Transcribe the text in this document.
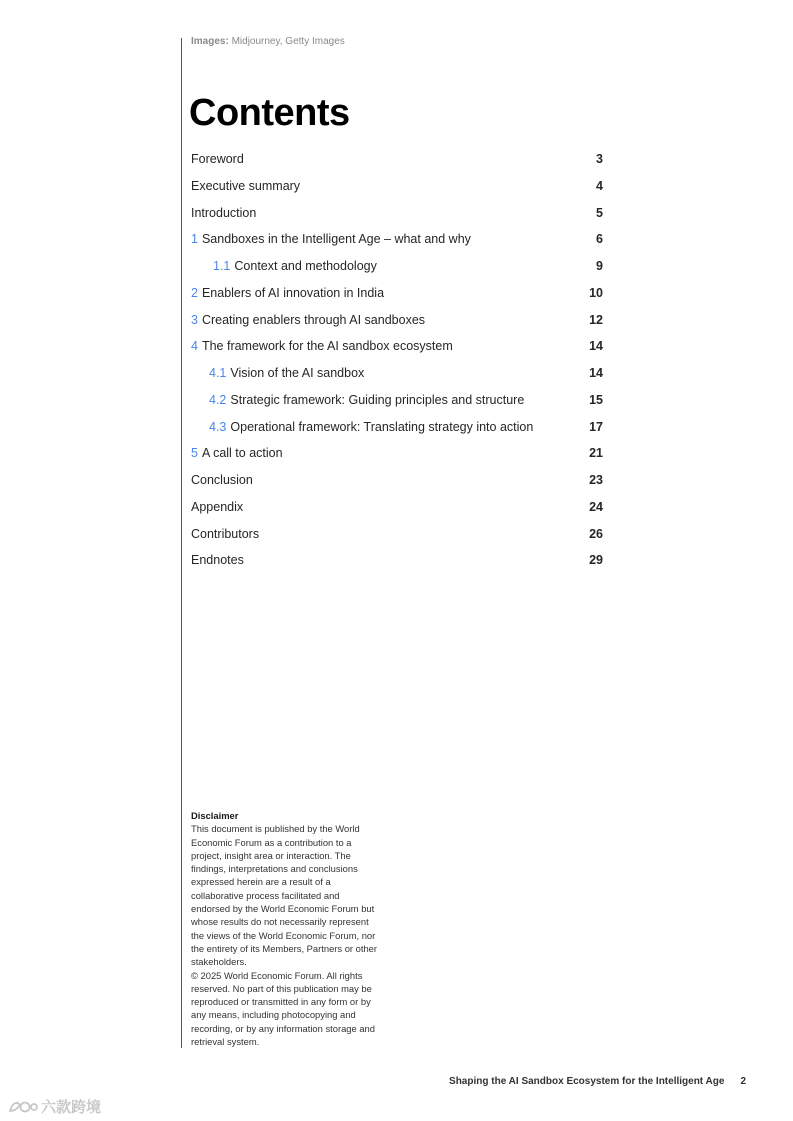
Images: Midjourney, Getty Images
Contents
Foreword	3
Executive summary	4
Introduction	5
1 Sandboxes in the Intelligent Age – what and why	6
1.1 Context and methodology	9
2 Enablers of AI innovation in India	10
3 Creating enablers through AI sandboxes	12
4 The framework for the AI sandbox ecosystem	14
4.1 Vision of the AI sandbox	14
4.2 Strategic framework: Guiding principles and structure	15
4.3 Operational framework: Translating strategy into action	17
5 A call to action	21
Conclusion	23
Appendix	24
Contributors	26
Endnotes	29

Disclaimer

This document is published by the World Economic Forum as a contribution to a project, insight area or interaction. The findings, interpretations and conclusions expressed herein are a result of a collaborative process facilitated and endorsed by the World Economic Forum but whose results do not necessarily represent the views of the World Economic Forum, nor the entirety of its Members, Partners or other stakeholders.

© 2025 World Economic Forum. All rights reserved. No part of this publication may be reproduced or transmitted in any form or by any means, including photocopying and recording, or by any information storage and retrieval system.

Shaping the AI Sandbox Ecosystem for the Intelligent Age 2
六款跨境
